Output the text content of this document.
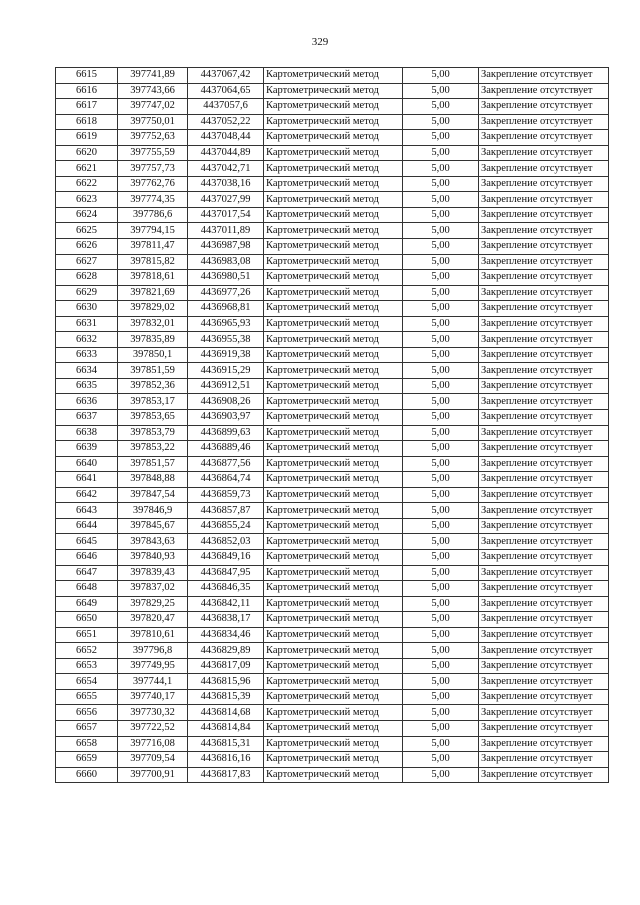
329
6615	397741,89	4437067,42	Картометрический метод	5,00	Закрепление отсутствует
6616	397743,66	4437064,65	Картометрический метод	5,00	Закрепление отсутствует
6617	397747,02	4437057,6	Картометрический метод	5,00	Закрепление отсутствует
6618	397750,01	4437052,22	Картометрический метод	5,00	Закрепление отсутствует
6619	397752,63	4437048,44	Картометрический метод	5,00	Закрепление отсутствует
6620	397755,59	4437044,89	Картометрический метод	5,00	Закрепление отсутствует
6621	397757,73	4437042,71	Картометрический метод	5,00	Закрепление отсутствует
6622	397762,76	4437038,16	Картометрический метод	5,00	Закрепление отсутствует
6623	397774,35	4437027,99	Картометрический метод	5,00	Закрепление отсутствует
6624	397786,6	4437017,54	Картометрический метод	5,00	Закрепление отсутствует
6625	397794,15	4437011,89	Картометрический метод	5,00	Закрепление отсутствует
6626	397811,47	4436987,98	Картометрический метод	5,00	Закрепление отсутствует
6627	397815,82	4436983,08	Картометрический метод	5,00	Закрепление отсутствует
6628	397818,61	4436980,51	Картометрический метод	5,00	Закрепление отсутствует
6629	397821,69	4436977,26	Картометрический метод	5,00	Закрепление отсутствует
6630	397829,02	4436968,81	Картометрический метод	5,00	Закрепление отсутствует
6631	397832,01	4436965,93	Картометрический метод	5,00	Закрепление отсутствует
6632	397835,89	4436955,38	Картометрический метод	5,00	Закрепление отсутствует
6633	397850,1	4436919,38	Картометрический метод	5,00	Закрепление отсутствует
6634	397851,59	4436915,29	Картометрический метод	5,00	Закрепление отсутствует
6635	397852,36	4436912,51	Картометрический метод	5,00	Закрепление отсутствует
6636	397853,17	4436908,26	Картометрический метод	5,00	Закрепление отсутствует
6637	397853,65	4436903,97	Картометрический метод	5,00	Закрепление отсутствует
6638	397853,79	4436899,63	Картометрический метод	5,00	Закрепление отсутствует
6639	397853,22	4436889,46	Картометрический метод	5,00	Закрепление отсутствует
6640	397851,57	4436877,56	Картометрический метод	5,00	Закрепление отсутствует
6641	397848,88	4436864,74	Картометрический метод	5,00	Закрепление отсутствует
6642	397847,54	4436859,73	Картометрический метод	5,00	Закрепление отсутствует
6643	397846,9	4436857,87	Картометрический метод	5,00	Закрепление отсутствует
6644	397845,67	4436855,24	Картометрический метод	5,00	Закрепление отсутствует
6645	397843,63	4436852,03	Картометрический метод	5,00	Закрепление отсутствует
6646	397840,93	4436849,16	Картометрический метод	5,00	Закрепление отсутствует
6647	397839,43	4436847,95	Картометрический метод	5,00	Закрепление отсутствует
6648	397837,02	4436846,35	Картометрический метод	5,00	Закрепление отсутствует
6649	397829,25	4436842,11	Картометрический метод	5,00	Закрепление отсутствует
6650	397820,47	4436838,17	Картометрический метод	5,00	Закрепление отсутствует
6651	397810,61	4436834,46	Картометрический метод	5,00	Закрепление отсутствует
6652	397796,8	4436829,89	Картометрический метод	5,00	Закрепление отсутствует
6653	397749,95	4436817,09	Картометрический метод	5,00	Закрепление отсутствует
6654	397744,1	4436815,96	Картометрический метод	5,00	Закрепление отсутствует
6655	397740,17	4436815,39	Картометрический метод	5,00	Закрепление отсутствует
6656	397730,32	4436814,68	Картометрический метод	5,00	Закрепление отсутствует
6657	397722,52	4436814,84	Картометрический метод	5,00	Закрепление отсутствует
6658	397716,08	4436815,31	Картометрический метод	5,00	Закрепление отсутствует
6659	397709,54	4436816,16	Картометрический метод	5,00	Закрепление отсутствует
6660	397700,91	4436817,83	Картометрический метод	5,00	Закрепление отсутствует
